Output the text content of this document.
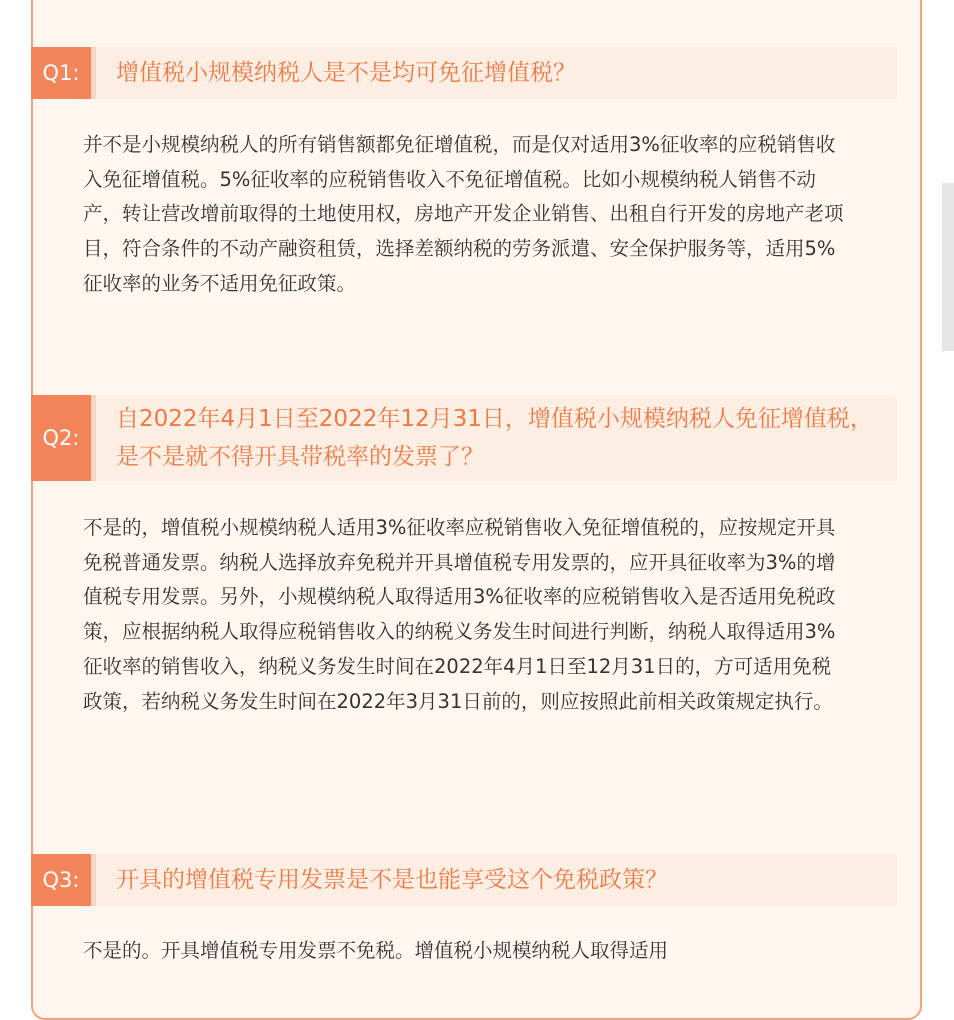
Q1:	增值税小规模纳税人是不是均可免征增值税？
并不是小规模纳税人的所有销售额都免征增值税，而是仅对适用3%征收率的应税销售收入免征增值税。5%征收率的应税销售收入不免征增值税。比如小规模纳税人销售不动产，转让营改增前取得的土地使用权，房地产开发企业销售、出租自行开发的房地产老项目，符合条件的不动产融资租赁，选择差额纳税的劳务派遣、安全保护服务等，适用5%征收率的业务不适用免征政策。
Q2:
自2022年4月1日至2022年12月31日，增值税小规模纳税人免征增值税，是不是就不得开具带税率的发票了？
不是的，增值税小规模纳税人适用3%征收率应税销售收入免征增值税的，应按规定开具免税普通发票。纳税人选择放弃免税并开具增值税专用发票的，应开具征收率为3%的增值税专用发票。另外，小规模纳税人取得适用3%征收率的应税销售收入是否适用免税政策，应根据纳税人取得应税销售收入的纳税义务发生时间进行判断，纳税人取得适用3%征收率的销售收入，纳税义务发生时间在2022年4月1日至12月31日的，方可适用免税政策，若纳税义务发生时间在2022年3月31日前的，则应按照此前相关政策规定执行。
Q3:	开具的增值税专用发票是不是也能享受这个免税政策？
不是的。开具增值税专用发票不免税。增值税小规模纳税人取得适用
